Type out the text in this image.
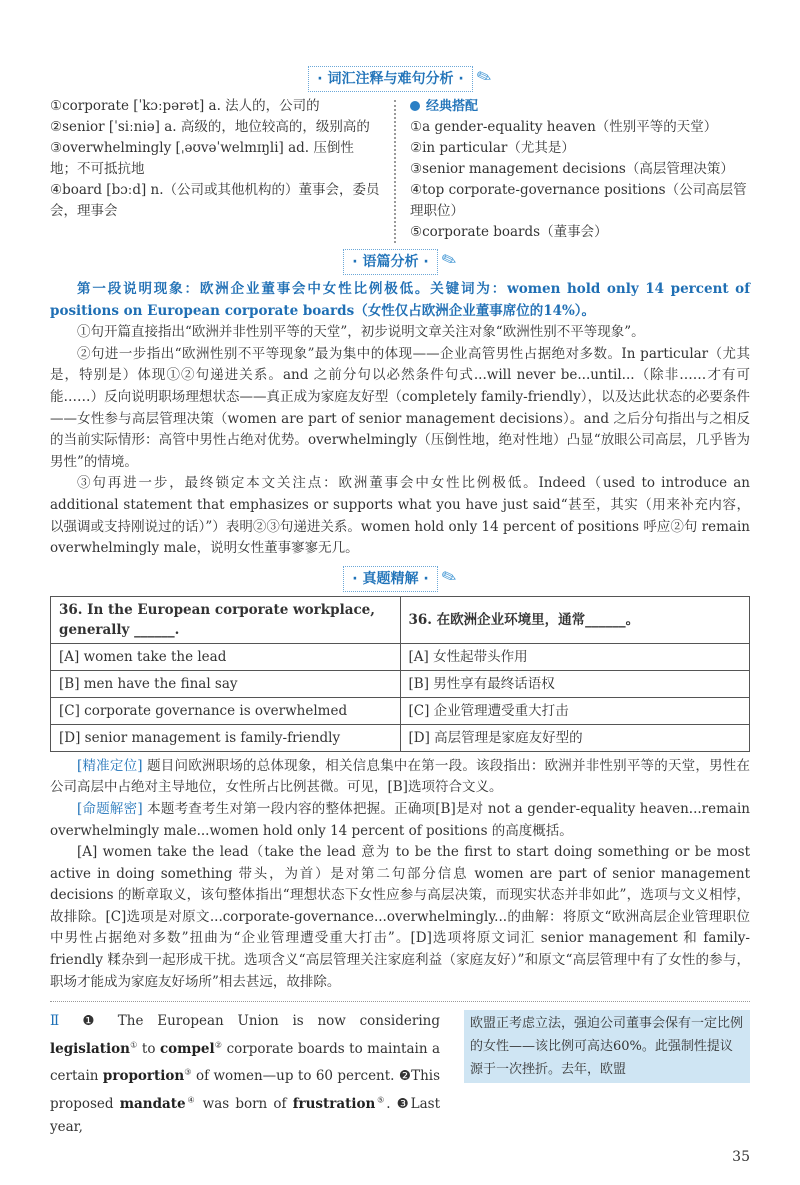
· 词汇注释与难句分析 · ✎
①corporate [ˈkɔːpərət] a. 法人的，公司的
②senior [ˈsiːniə] a. 高级的，地位较高的，级别高的
③overwhelmingly [ˌəʊvəˈwelmɪŋli] ad. 压倒性地；不可抵抗地
④board [bɔːd] n.（公司或其他机构的）董事会，委员会，理事会
经典搭配
①a gender-equality heaven（性别平等的天堂）
②in particular（尤其是）
③senior management decisions（高层管理决策）
④top corporate-governance positions（公司高层管理职位）
⑤corporate boards（董事会）
· 语篇分析 · ✎

第一段说明现象：欧洲企业董事会中女性比例极低。关键词为：women hold only 14 percent of positions on European corporate boards（女性仅占欧洲企业董事席位的14%）。

①句开篇直接指出“欧洲并非性别平等的天堂”，初步说明文章关注对象“欧洲性别不平等现象”。

②句进一步指出“欧洲性别不平等现象”最为集中的体现——企业高管男性占据绝对多数。In particular（尤其是，特别是）体现①②句递进关系。and 之前分句以必然条件句式...will never be...until...（除非……才有可能……）反向说明职场理想状态——真正成为家庭友好型（completely family-friendly），以及达此状态的必要条件——女性参与高层管理决策（women are part of senior management decisions）。and 之后分句指出与之相反的当前实际情形：高管中男性占绝对优势。overwhelmingly（压倒性地，绝对性地）凸显“放眼公司高层，几乎皆为男性”的情境。

③句再进一步，最终锁定本文关注点：欧洲董事会中女性比例极低。Indeed（used to introduce an additional statement that emphasizes or supports what you have just said“甚至，其实（用来补充内容，以强调或支持刚说过的话）”）表明②③句递进关系。women hold only 14 percent of positions 呼应②句 remain overwhelmingly male，说明女性董事寥寥无几。

· 真题精解 · ✎
36. In the European corporate workplace, generally ______.	36. 在欧洲企业环境里，通常______。
[A] women take the lead	[A] 女性起带头作用
[B] men have the final say	[B] 男性享有最终话语权
[C] corporate governance is overwhelmed	[C] 企业管理遭受重大打击
[D] senior management is family-friendly	[D] 高层管理是家庭友好型的

[精准定位] 题目问欧洲职场的总体现象，相关信息集中在第一段。该段指出：欧洲并非性别平等的天堂，男性在公司高层中占绝对主导地位，女性所占比例甚微。可见，[B]选项符合文义。

[命题解密] 本题考查考生对第一段内容的整体把握。正确项[B]是对 not a gender-equality heaven...remain overwhelmingly male...women hold only 14 percent of positions 的高度概括。

[A] women take the lead（take the lead 意为 to be the first to start doing something or be most active in doing something 带头，为首）是对第二句部分信息 women are part of senior management decisions 的断章取义，该句整体指出“理想状态下女性应参与高层决策，而现实状态并非如此”，选项与文义相悖，故排除。[C]选项是对原文...corporate-governance...overwhelmingly...的曲解：将原文“欧洲高层企业管理职位中男性占据绝对多数”扭曲为“企业管理遭受重大打击”。[D]选项将原文词汇 senior management 和 family-friendly 糅杂到一起形成干扰。选项含义“高层管理关注家庭利益（家庭友好）”和原文“高层管理中有了女性的参与，职场才能成为家庭友好场所”相去甚远，故排除。

Ⅱ ❶ The European Union is now considering legislation① to compel② corporate boards to maintain a certain proportion③ of women—up to 60 percent. ❷This proposed mandate④ was born of frustration⑤. ❸Last year,
欧盟正考虑立法，强迫公司董事会保有一定比例的女性——该比例可高达60%。此强制性提议源于一次挫折。去年，欧盟
35
